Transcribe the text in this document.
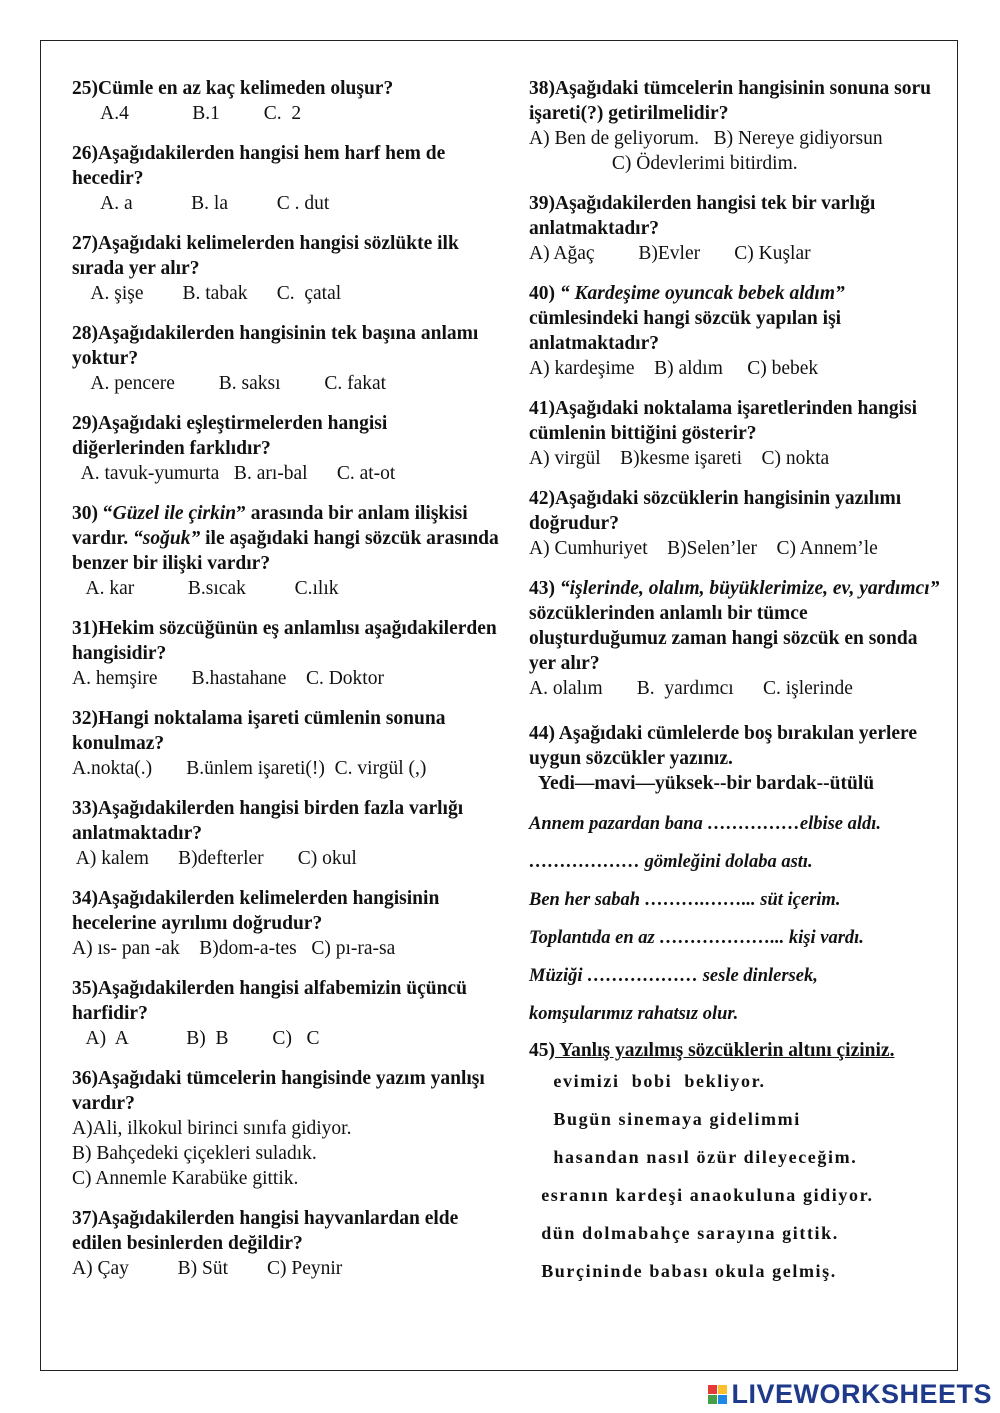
25)Cümle en az kaç kelimeden oluşur?
A.4             B.1         C.  2
26)Aşağıdakilerden hangisi hem harf hem de hecedir?
A. a            B. la          C . dut
27)Aşağıdaki kelimelerden hangisi sözlükte ilk sırada yer alır?
A. şişe        B. tabak      C.  çatal
28)Aşağıdakilerden hangisinin tek başına anlamı yoktur?
A. pencere         B. saksı         C. fakat
29)Aşağıdaki eşleştirmelerden hangisi diğerlerinden farklıdır?
A. tavuk-yumurta   B. arı-bal      C. at-ot
30) “Güzel ile çirkin” arasında bir anlam ilişkisi vardır. “soğuk” ile aşağıdaki hangi sözcük arasında benzer bir ilişki vardır?
A. kar           B.sıcak          C.ılık
31)Hekim sözcüğünün eş anlamlısı aşağıdakilerden hangisidir?
A. hemşire       B.hastahane    C. Doktor
32)Hangi noktalama işareti cümlenin sonuna konulmaz?
A.nokta(.)       B.ünlem işareti(!)  C. virgül (,)
33)Aşağıdakilerden hangisi birden fazla varlığı anlatmaktadır?
A) kalem      B)defterler       C) okul
34)Aşağıdakilerden kelimelerden hangisinin hecelerine ayrılımı doğrudur?
A) ıs- pan -ak    B)dom-a-tes   C) pı-ra-sa
35)Aşağıdakilerden hangisi alfabemizin üçüncü harfidir?
A)  A            B)  B         C)   C
36)Aşağıdaki tümcelerin hangisinde yazım yanlışı vardır?
A)Ali, ilkokul birinci sınıfa gidiyor.
B) Bahçedeki çiçekleri suladık.
C) Annemle Karabüke gittik.
37)Aşağıdakilerden hangisi hayvanlardan elde edilen besinlerden değildir?
A) Çay          B) Süt        C) Peynir
38)Aşağıdaki tümcelerin hangisinin sonuna soru işareti(?) getirilmelidir?
A) Ben de geliyorum.   B) Nereye gidiyorsun
C) Ödevlerimi bitirdim.
39)Aşağıdakilerden hangisi tek bir varlığı anlatmaktadır?
A) Ağaç         B)Evler       C) Kuşlar
40) “ Kardeşime oyuncak bebek aldım” cümlesindeki hangi sözcük yapılan işi anlatmaktadır?
A) kardeşime    B) aldım     C) bebek
41)Aşağıdaki noktalama işaretlerinden hangisi cümlenin bittiğini gösterir?
A) virgül    B)kesme işareti    C) nokta
42)Aşağıdaki sözcüklerin hangisinin yazılımı doğrudur?
A) Cumhuriyet    B)Selen’ler    C) Annem’le
43) “işlerinde, olalım, büyüklerimize, ev, yardımcı” sözcüklerinden anlamlı bir tümce oluşturduğumuz zaman hangi sözcük en sonda yer alır?
A. olalım       B.  yardımcı      C. işlerinde
44) Aşağıdaki cümlelerde boş bırakılan yerlere uygun sözcükler yazınız.
Yedi—mavi—yüksek--bir bardak--ütülü
Annem pazardan bana ……………elbise aldı.
……………… gömleğini dolaba astı.
Ben her sabah ……….……... süt içerim.
Toplantıda en az ………………... kişi vardı.
Müziği ……………… sesle dinlersek,
komşularımız rahatsız olur.
45) Yanlış yazılmış sözcüklerin altını çiziniz.
evimizi  bobi  bekliyor.
Bugün sinemaya gidelimmi
hasandan nasıl özür dileyeceğim.
esranın kardeşi anaokuluna gidiyor.
dün dolmabahçe sarayına gittik.
Burçininde babası okula gelmiş.
LIVEWORKSHEETS
